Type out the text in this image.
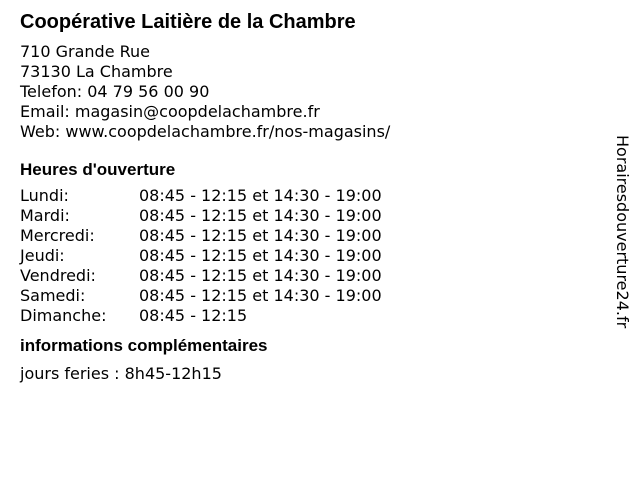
Coopérative Laitière de la Chambre
710 Grande Rue
73130 La Chambre
Telefon: 04 79 56 00 90
Email: magasin@coopdelachambre.fr
Web: www.coopdelachambre.fr/nos-magasins/
Heures d'ouverture
Lundi:	08:45 - 12:15 et 14:30 - 19:00
Mardi:	08:45 - 12:15 et 14:30 - 19:00
Mercredi:	08:45 - 12:15 et 14:30 - 19:00
Jeudi:	08:45 - 12:15 et 14:30 - 19:00
Vendredi:	08:45 - 12:15 et 14:30 - 19:00
Samedi:	08:45 - 12:15 et 14:30 - 19:00
Dimanche:	08:45 - 12:15
informations complémentaires
jours feries : 8h45-12h15
Horairesdouverture24.fr
